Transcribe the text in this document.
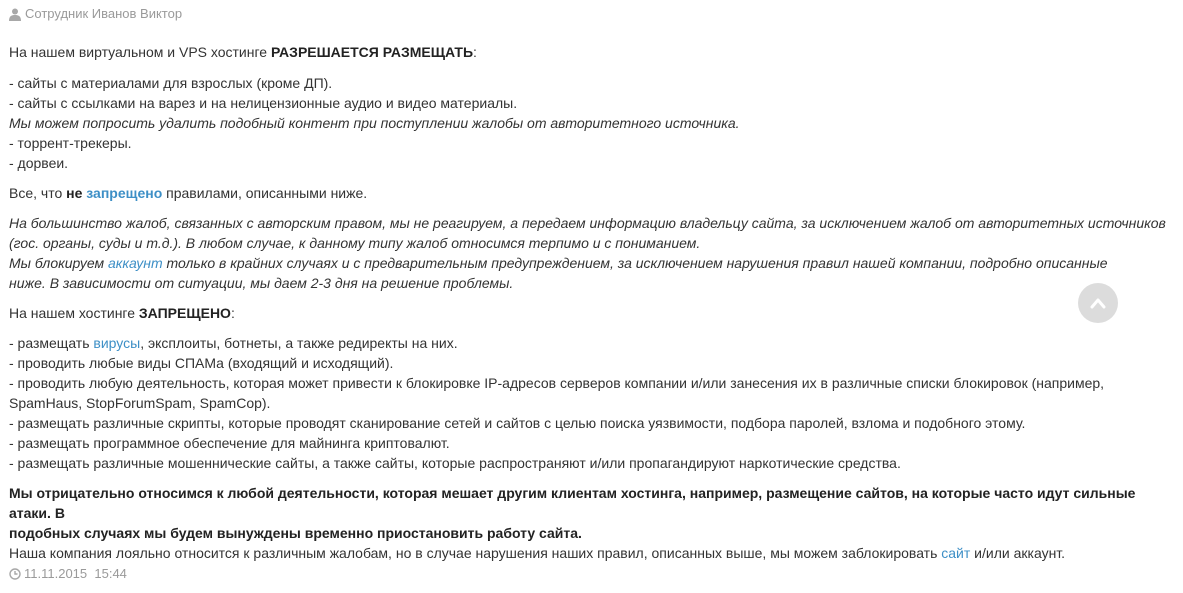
Сотрудник Иванов Виктор
На нашем виртуальном и VPS хостинге РАЗРЕШАЕТСЯ РАЗМЕЩАТЬ:
- сайты с материалами для взрослых (кроме ДП).
- сайты с ссылками на варез и на нелицензионные аудио и видео материалы.
Мы можем попросить удалить подобный контент при поступлении жалобы от авторитетного источника.
- торрент-трекеры.
- дорвеи.
Все, что не запрещено правилами, описанными ниже.
На большинство жалоб, связанных с авторским правом, мы не реагируем, а передаем информацию владельцу сайта, за исключением жалоб от авторитетных источников
(гос. органы, суды и т.д.). В любом случае, к данному типу жалоб относимся терпимо и с пониманием.
Мы блокируем аккаунт только в крайних случаях и с предварительным предупреждением, за исключением нарушения правил нашей компании, подробно описанные
ниже. В зависимости от ситуации, мы даем 2-3 дня на решение проблемы.
На нашем хостинге ЗАПРЕЩЕНО:
- размещать вирусы, эксплоиты, ботнеты, а также редиректы на них.
- проводить любые виды СПАМа (входящий и исходящий).
- проводить любую деятельность, которая может привести к блокировке IP-адресов серверов компании и/или занесения их в различные списки блокировок (например,
SpamHaus, StopForumSpam, SpamCop).
- размещать различные скрипты, которые проводят сканирование сетей и сайтов с целью поиска уязвимости, подбора паролей, взлома и подобного этому.
- размещать программное обеспечение для майнинга криптовалют.
- размещать различные мошеннические сайты, а также сайты, которые распространяют и/или пропагандируют наркотические средства.
Мы отрицательно относимся к любой деятельности, которая мешает другим клиентам хостинга, например, размещение сайтов, на которые часто идут сильные атаки. В
подобных случаях мы будем вынуждены временно приостановить работу сайта.
Наша компания лояльно относится к различным жалобам, но в случае нарушения наших правил, описанных выше, мы можем заблокировать сайт и/или аккаунт.
11.11.2015
15:44
